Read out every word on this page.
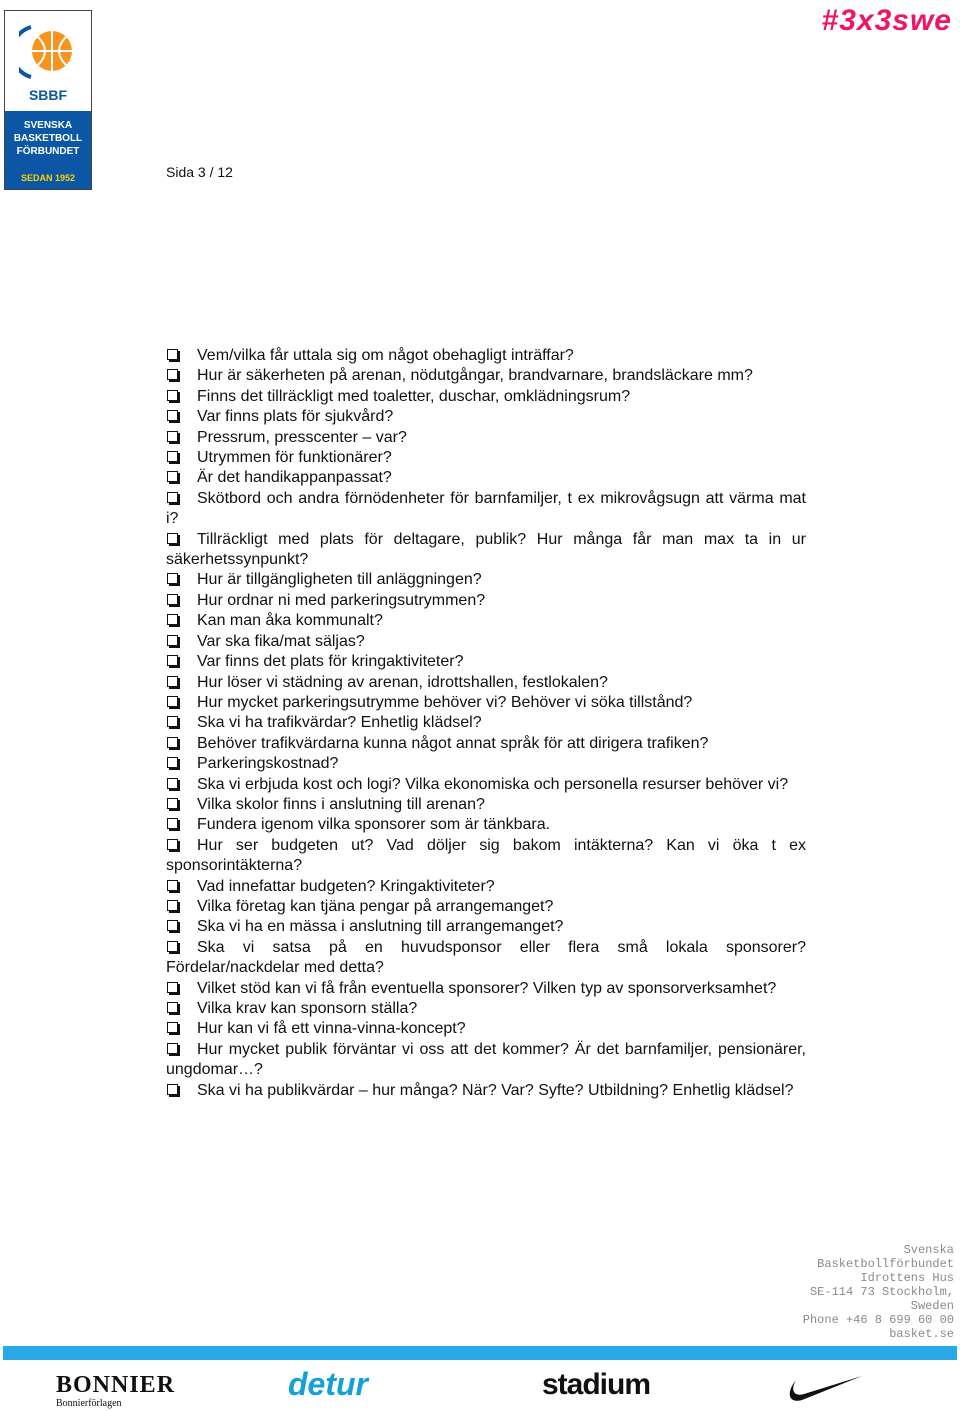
SBBF
SVENSKA
BASKETBOLL
FÖRBUNDET
SEDAN 1952
#3x3swe
Sida 3 / 12
Vem/vilka får uttala sig om något obehagligt inträffar?
Hur är säkerheten på arenan, nödutgångar, brandvarnare, brandsläckare mm?
Finns det tillräckligt med toaletter, duschar, omklädningsrum?
Var finns plats för sjukvård?
Pressrum, presscenter – var?
Utrymmen för funktionärer?
Är det handikappanpassat?
Skötbord och andra förnödenheter för barnfamiljer, t ex mikrovågsugn att värma mat i?
Tillräckligt med plats för deltagare, publik? Hur många får man max ta in ur säkerhetssynpunkt?
Hur är tillgängligheten till anläggningen?
Hur ordnar ni med parkeringsutrymmen?
Kan man åka kommunalt?
Var ska fika/mat säljas?
Var finns det plats för kringaktiviteter?
Hur löser vi städning av arenan, idrottshallen, festlokalen?
Hur mycket parkeringsutrymme behöver vi? Behöver vi söka tillstånd?
Ska vi ha trafikvärdar? Enhetlig klädsel?
Behöver trafikvärdarna kunna något annat språk för att dirigera trafiken?
Parkeringskostnad?
Ska vi erbjuda kost och logi? Vilka ekonomiska och personella resurser behöver vi?
Vilka skolor finns i anslutning till arenan?
Fundera igenom vilka sponsorer som är tänkbara.
Hur ser budgeten ut? Vad döljer sig bakom intäkterna? Kan vi öka t ex sponsorintäkterna?
Vad innefattar budgeten? Kringaktiviteter?
Vilka företag kan tjäna pengar på arrangemanget?
Ska vi ha en mässa i anslutning till arrangemanget?
Ska vi satsa på en huvudsponsor eller flera små lokala sponsorer? Fördelar/nackdelar med detta?
Vilket stöd kan vi få från eventuella sponsorer? Vilken typ av sponsorverksamhet?
Vilka krav kan sponsorn ställa?
Hur kan vi få ett vinna-vinna-koncept?
Hur mycket publik förväntar vi oss att det kommer? Är det barnfamiljer, pensionärer, ungdomar…?
Ska vi ha publikvärdar – hur många? När? Var? Syfte? Utbildning? Enhetlig klädsel?
Svenska
Basketbollförbundet
Idrottens Hus
SE-114 73 Stockholm,
Sweden
Phone +46 8 699 60 00
basket.se
BONNIER
Bonnierförlagen
detur	stadium
